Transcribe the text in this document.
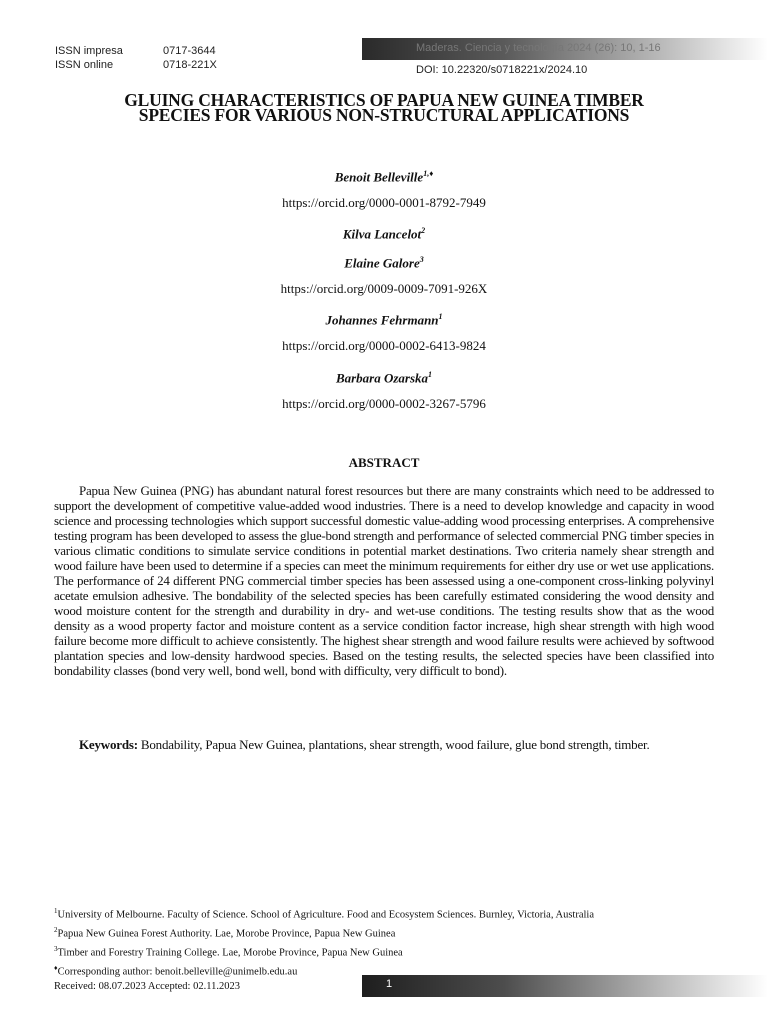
ISSN impresa	0717-3644
ISSN online	0718-221X
Maderas. Ciencia y tecnología 2024 (26): 10, 1-16
DOI: 10.22320/s0718221x/2024.10
GLUING CHARACTERISTICS OF PAPUA NEW GUINEA TIMBER
SPECIES FOR VARIOUS NON-STRUCTURAL APPLICATIONS
Benoit Belleville$^{1,♦}$
https://orcid.org/0000-0001-8792-7949
Kilva Lancelot$^2$
Elaine Galore$^3$
https://orcid.org/0009-0009-7091-926X
Johannes Fehrmann$^1$
https://orcid.org/0000-0002-6413-9824
Barbara Ozarska$^1$
https://orcid.org/0000-0002-3267-5796
ABSTRACT

Papua New Guinea (PNG) has abundant natural forest resources but there are many constraints which need to be addressed to support the development of competitive value-added wood industries. There is a need to develop knowledge and capacity in wood science and processing technologies which support successful domestic value-adding wood processing enterprises. A comprehensive testing program has been developed to assess the glue-bond strength and performance of selected commercial PNG timber species in various climatic conditions to simulate service conditions in potential market destinations. Two criteria namely shear strength and wood failure have been used to determine if a species can meet the minimum requirements for either dry use or wet use applications. The performance of 24 different PNG commercial timber species has been assessed using a one-component cross-linking polyvinyl acetate emulsion adhesive. The bondability of the selected species has been carefully estimated considering the wood density and wood moisture content for the strength and durability in dry- and wet-use conditions. The testing results show that as the wood density as a wood property factor and moisture content as a service condition factor increase, high shear strength with high wood failure become more difficult to achieve consistently. The highest shear strength and wood failure results were achieved by softwood plantation species and low-density hardwood species. Based on the testing results, the selected species have been classified into bondability classes (bond very well, bond well, bond with difficulty, very difficult to bond).

Keywords: Bondability, Papua New Guinea, plantations, shear strength, wood failure, glue bond strength, timber.

$^1$University of Melbourne. Faculty of Science. School of Agriculture. Food and Ecosystem Sciences. Burnley, Victoria, Australia
$^2$Papua New Guinea Forest Authority. Lae, Morobe Province, Papua New Guinea
$^3$Timber and Forestry Training College. Lae, Morobe Province, Papua New Guinea
♦Corresponding author: benoit.belleville@unimelb.edu.au
Received: 08.07.2023 Accepted: 02.11.2023	1
